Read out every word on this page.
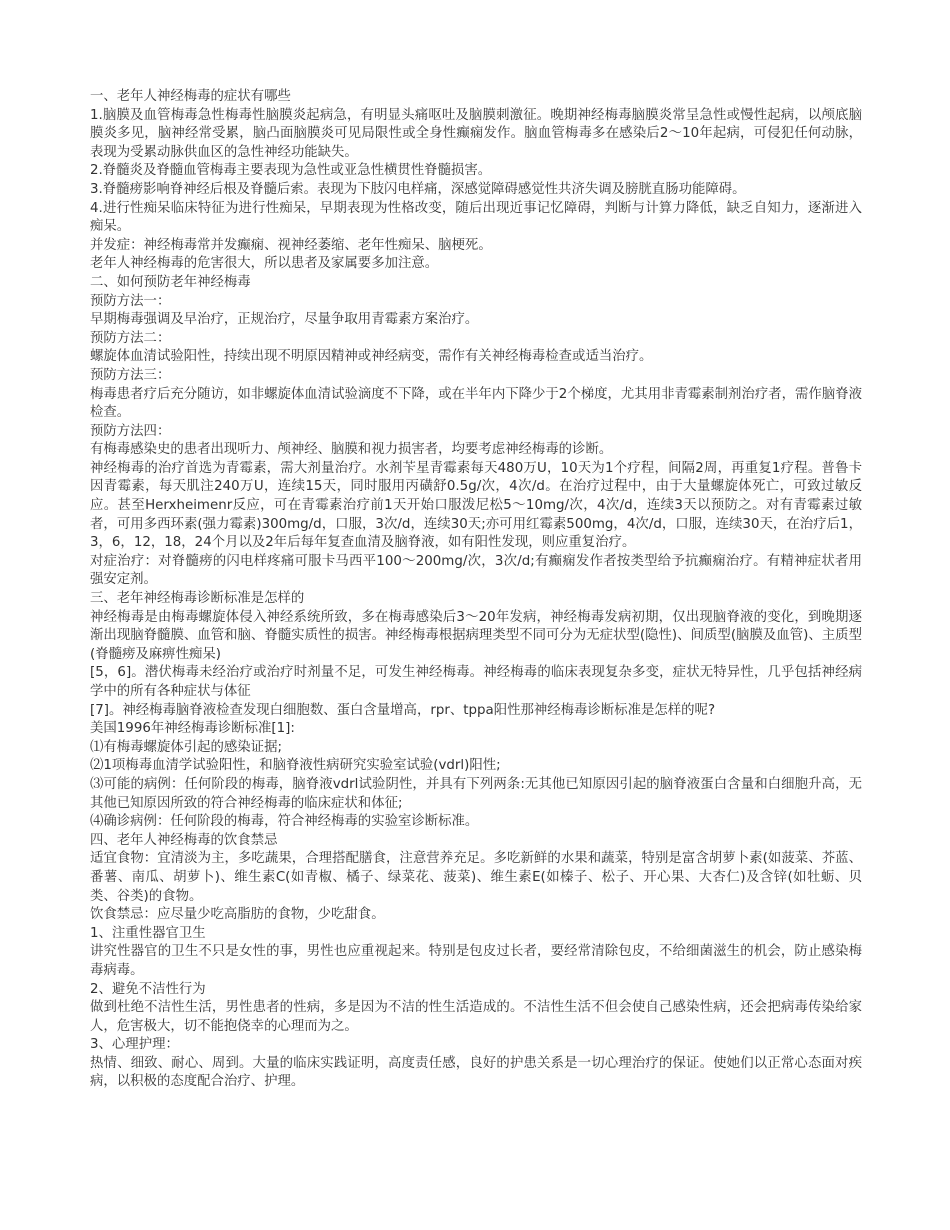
一、老年人神经梅毒的症状有哪些

1.脑膜及血管梅毒急性梅毒性脑膜炎起病急，有明显头痛呕吐及脑膜刺激征。晚期神经梅毒脑膜炎常呈急性或慢性起病，以颅底脑膜炎多见，脑神经常受累，脑凸面脑膜炎可见局限性或全身性癫痫发作。脑血管梅毒多在感染后2～10年起病，可侵犯任何动脉，表现为受累动脉供血区的急性神经功能缺失。

2.脊髓炎及脊髓血管梅毒主要表现为急性或亚急性横贯性脊髓损害。

3.脊髓痨影响脊神经后根及脊髓后索。表现为下肢闪电样痛，深感觉障碍感觉性共济失调及膀胱直肠功能障碍。

4.进行性痴呆临床特征为进行性痴呆，早期表现为性格改变，随后出现近事记忆障碍，判断与计算力降低，缺乏自知力，逐渐进入痴呆。

并发症：神经梅毒常并发癫痫、视神经萎缩、老年性痴呆、脑梗死。

老年人神经梅毒的危害很大，所以患者及家属要多加注意。

二、如何预防老年神经梅毒

预防方法一：

早期梅毒强调及早治疗，正规治疗，尽量争取用青霉素方案治疗。

预防方法二：

螺旋体血清试验阳性，持续出现不明原因精神或神经病变，需作有关神经梅毒检查或适当治疗。

预防方法三：

梅毒患者疗后充分随访，如非螺旋体血清试验滴度不下降，或在半年内下降少于2个梯度，尤其用非青霉素制剂治疗者，需作脑脊液检查。

预防方法四：

有梅毒感染史的患者出现听力、颅神经、脑膜和视力损害者，均要考虑神经梅毒的诊断。

神经梅毒的治疗首选为青霉素，需大剂量治疗。水剂苄星青霉素每天480万U，10天为1个疗程，间隔2周，再重复1疗程。普鲁卡因青霉素，每天肌注240万U，连续15天，同时服用丙磺舒0.5g/次，4次/d。在治疗过程中，由于大量螺旋体死亡，可致过敏反应。甚至Herxheimenr反应，可在青霉素治疗前1天开始口服泼尼松5～10mg/次，4次/d，连续3天以预防之。对有青霉素过敏者，可用多西环素(强力霉素)300mg/d，口服，3次/d，连续30天;亦可用红霉素500mg，4次/d，口服，连续30天，在治疗后1，3，6，12，18，24个月以及2年后每年复查血清及脑脊液，如有阳性发现，则应重复治疗。

对症治疗：对脊髓痨的闪电样疼痛可服卡马西平100～200mg/次，3次/d;有癫痫发作者按类型给予抗癫痫治疗。有精神症状者用强安定剂。

三、老年神经梅毒诊断标准是怎样的

神经梅毒是由梅毒螺旋体侵入神经系统所致，多在梅毒感染后3～20年发病，神经梅毒发病初期，仅出现脑脊液的变化，到晚期逐渐出现脑脊髓膜、血管和脑、脊髓实质性的损害。神经梅毒根据病理类型不同可分为无症状型(隐性)、间质型(脑膜及血管)、主质型(脊髓痨及麻痹性痴呆)

[5，6]。潜伏梅毒未经治疗或治疗时剂量不足，可发生神经梅毒。神经梅毒的临床表现复杂多变，症状无特异性，几乎包括神经病学中的所有各种症状与体征

[7]。神经梅毒脑脊液检查发现白细胞数、蛋白含量增高，rpr、tppa阳性那神经梅毒诊断标准是怎样的呢?

美国1996年神经梅毒诊断标准[1]:

⑴有梅毒螺旋体引起的感染证据;

⑵1项梅毒血清学试验阳性，和脑脊液性病研究实验室试验(vdrl)阳性;

⑶可能的病例：任何阶段的梅毒，脑脊液vdrl试验阴性，并具有下列两条:无其他已知原因引起的脑脊液蛋白含量和白细胞升高，无其他已知原因所致的符合神经梅毒的临床症状和体征;

⑷确诊病例：任何阶段的梅毒，符合神经梅毒的实验室诊断标准。

四、老年人神经梅毒的饮食禁忌

适宜食物：宜清淡为主，多吃蔬果，合理搭配膳食，注意营养充足。多吃新鲜的水果和蔬菜，特别是富含胡萝卜素(如菠菜、芥蓝、番薯、南瓜、胡萝卜)、维生素C(如青椒、橘子、绿菜花、菠菜)、维生素E(如榛子、松子、开心果、大杏仁)及含锌(如牡蛎、贝类、谷类)的食物。

饮食禁忌：应尽量少吃高脂肪的食物，少吃甜食。

1、注重性器官卫生

讲究性器官的卫生不只是女性的事，男性也应重视起来。特别是包皮过长者，要经常清除包皮，不给细菌滋生的机会，防止感染梅毒病毒。

2、避免不洁性行为

做到杜绝不洁性生活，男性患者的性病，多是因为不洁的性生活造成的。不洁性生活不但会使自己感染性病，还会把病毒传染给家人，危害极大，切不能抱侥幸的心理而为之。

3、心理护理：

热情、细致、耐心、周到。大量的临床实践证明，高度责任感，良好的护患关系是一切心理治疗的保证。使她们以正常心态面对疾病，以积极的态度配合治疗、护理。
